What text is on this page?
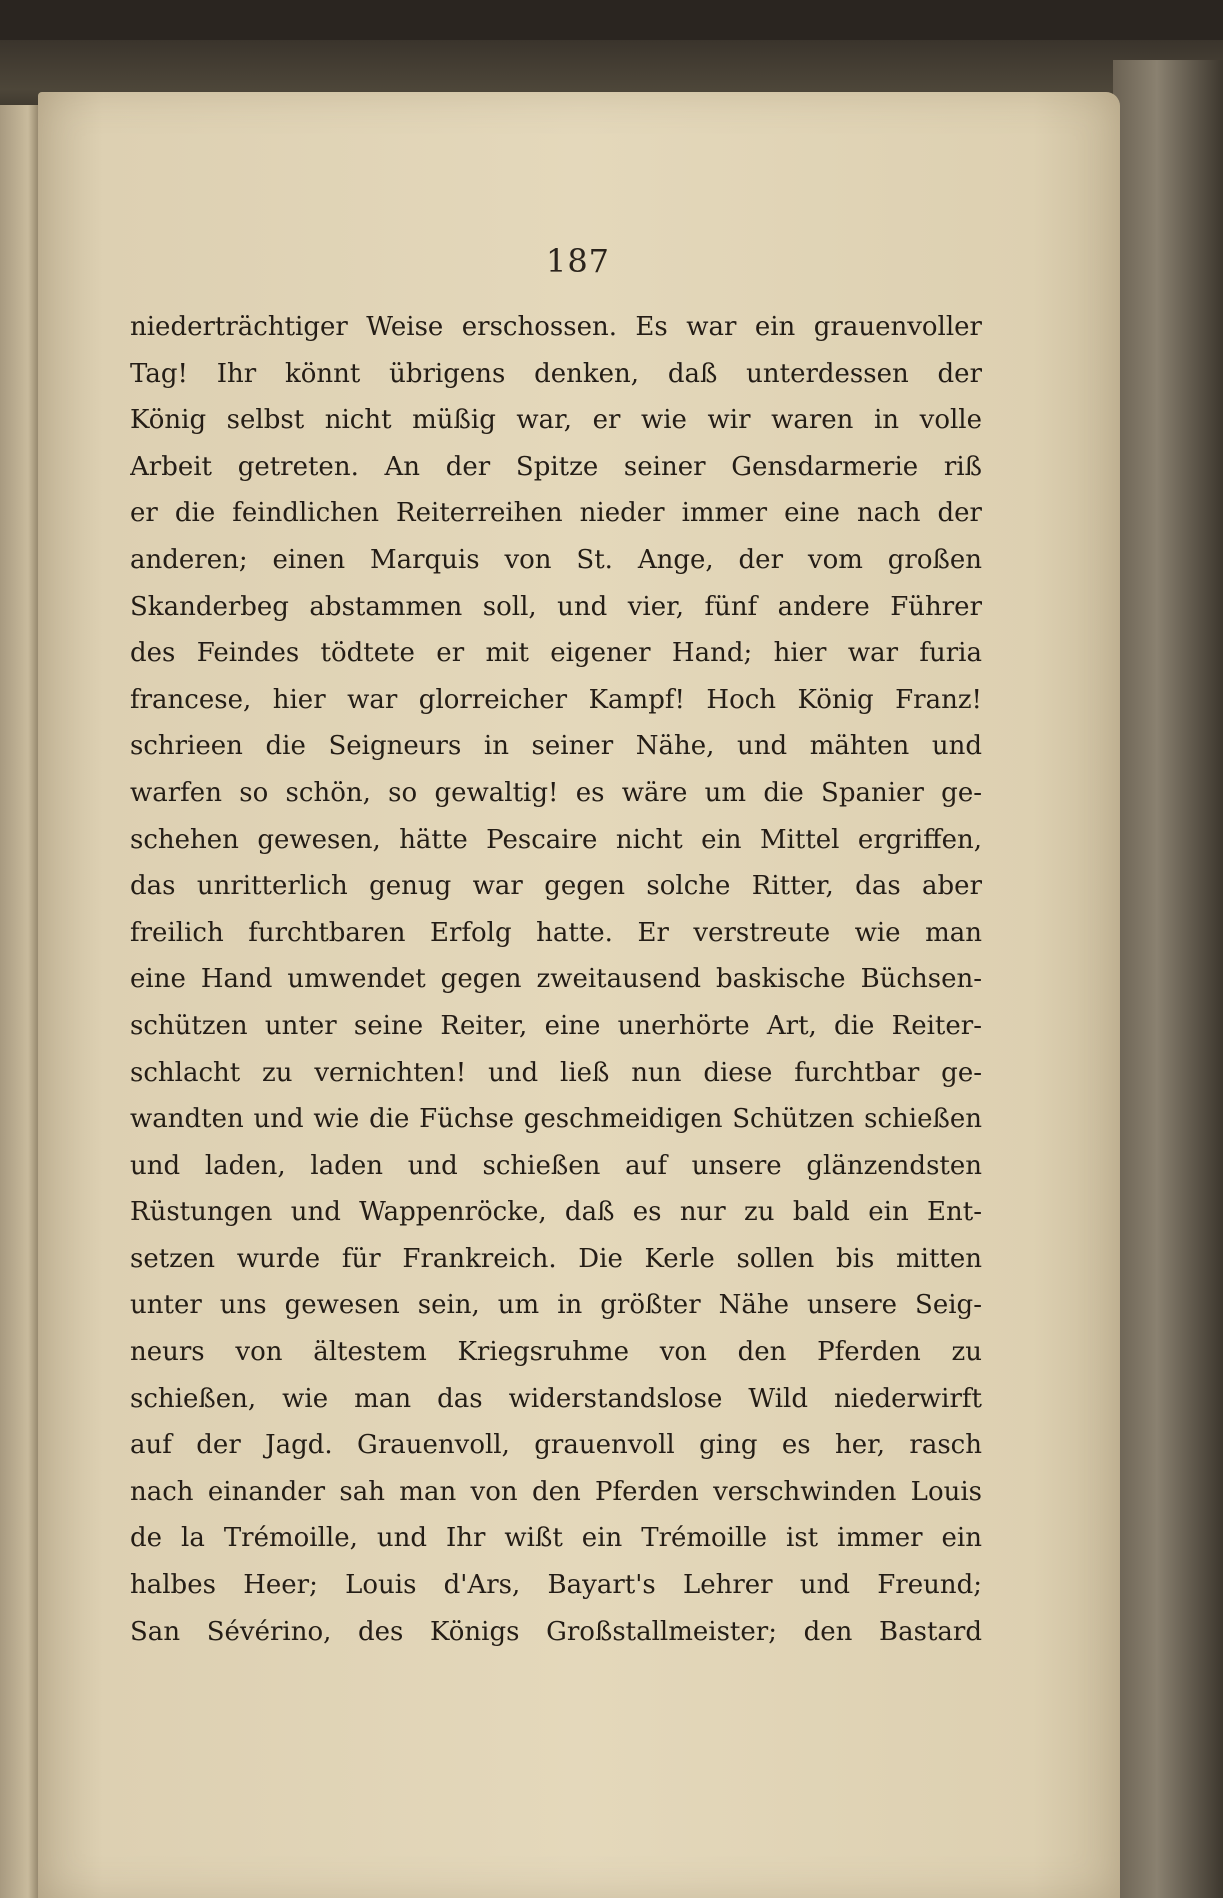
187
niederträchtiger Weise erschossen. Es war ein grauenvoller
Tag! Ihr könnt übrigens denken, daß unterdessen der
König selbst nicht müßig war, er wie wir waren in volle
Arbeit getreten. An der Spitze seiner Gensdarmerie riß
er die feindlichen Reiterreihen nieder immer eine nach der
anderen; einen Marquis von St. Ange, der vom großen
Skanderbeg abstammen soll, und vier, fünf andere Führer
des Feindes tödtete er mit eigener Hand; hier war furia
francese, hier war glorreicher Kampf! Hoch König Franz!
schrieen die Seigneurs in seiner Nähe, und mähten und
warfen so schön, so gewaltig! es wäre um die Spanier ge-
schehen gewesen, hätte Pescaire nicht ein Mittel ergriffen,
das unritterlich genug war gegen solche Ritter, das aber
freilich furchtbaren Erfolg hatte. Er verstreute wie man
eine Hand umwendet gegen zweitausend baskische Büchsen-
schützen unter seine Reiter, eine unerhörte Art, die Reiter-
schlacht zu vernichten! und ließ nun diese furchtbar ge-
wandten und wie die Füchse geschmeidigen Schützen schießen
und laden, laden und schießen auf unsere glänzendsten
Rüstungen und Wappenröcke, daß es nur zu bald ein Ent-
setzen wurde für Frankreich. Die Kerle sollen bis mitten
unter uns gewesen sein, um in größter Nähe unsere Seig-
neurs von ältestem Kriegsruhme von den Pferden zu
schießen, wie man das widerstandslose Wild niederwirft
auf der Jagd. Grauenvoll, grauenvoll ging es her, rasch
nach einander sah man von den Pferden verschwinden Louis
de la Trémoille, und Ihr wißt ein Trémoille ist immer ein
halbes Heer; Louis d'Ars, Bayart's Lehrer und Freund;
San Sévérino, des Königs Großstallmeister; den Bastard
